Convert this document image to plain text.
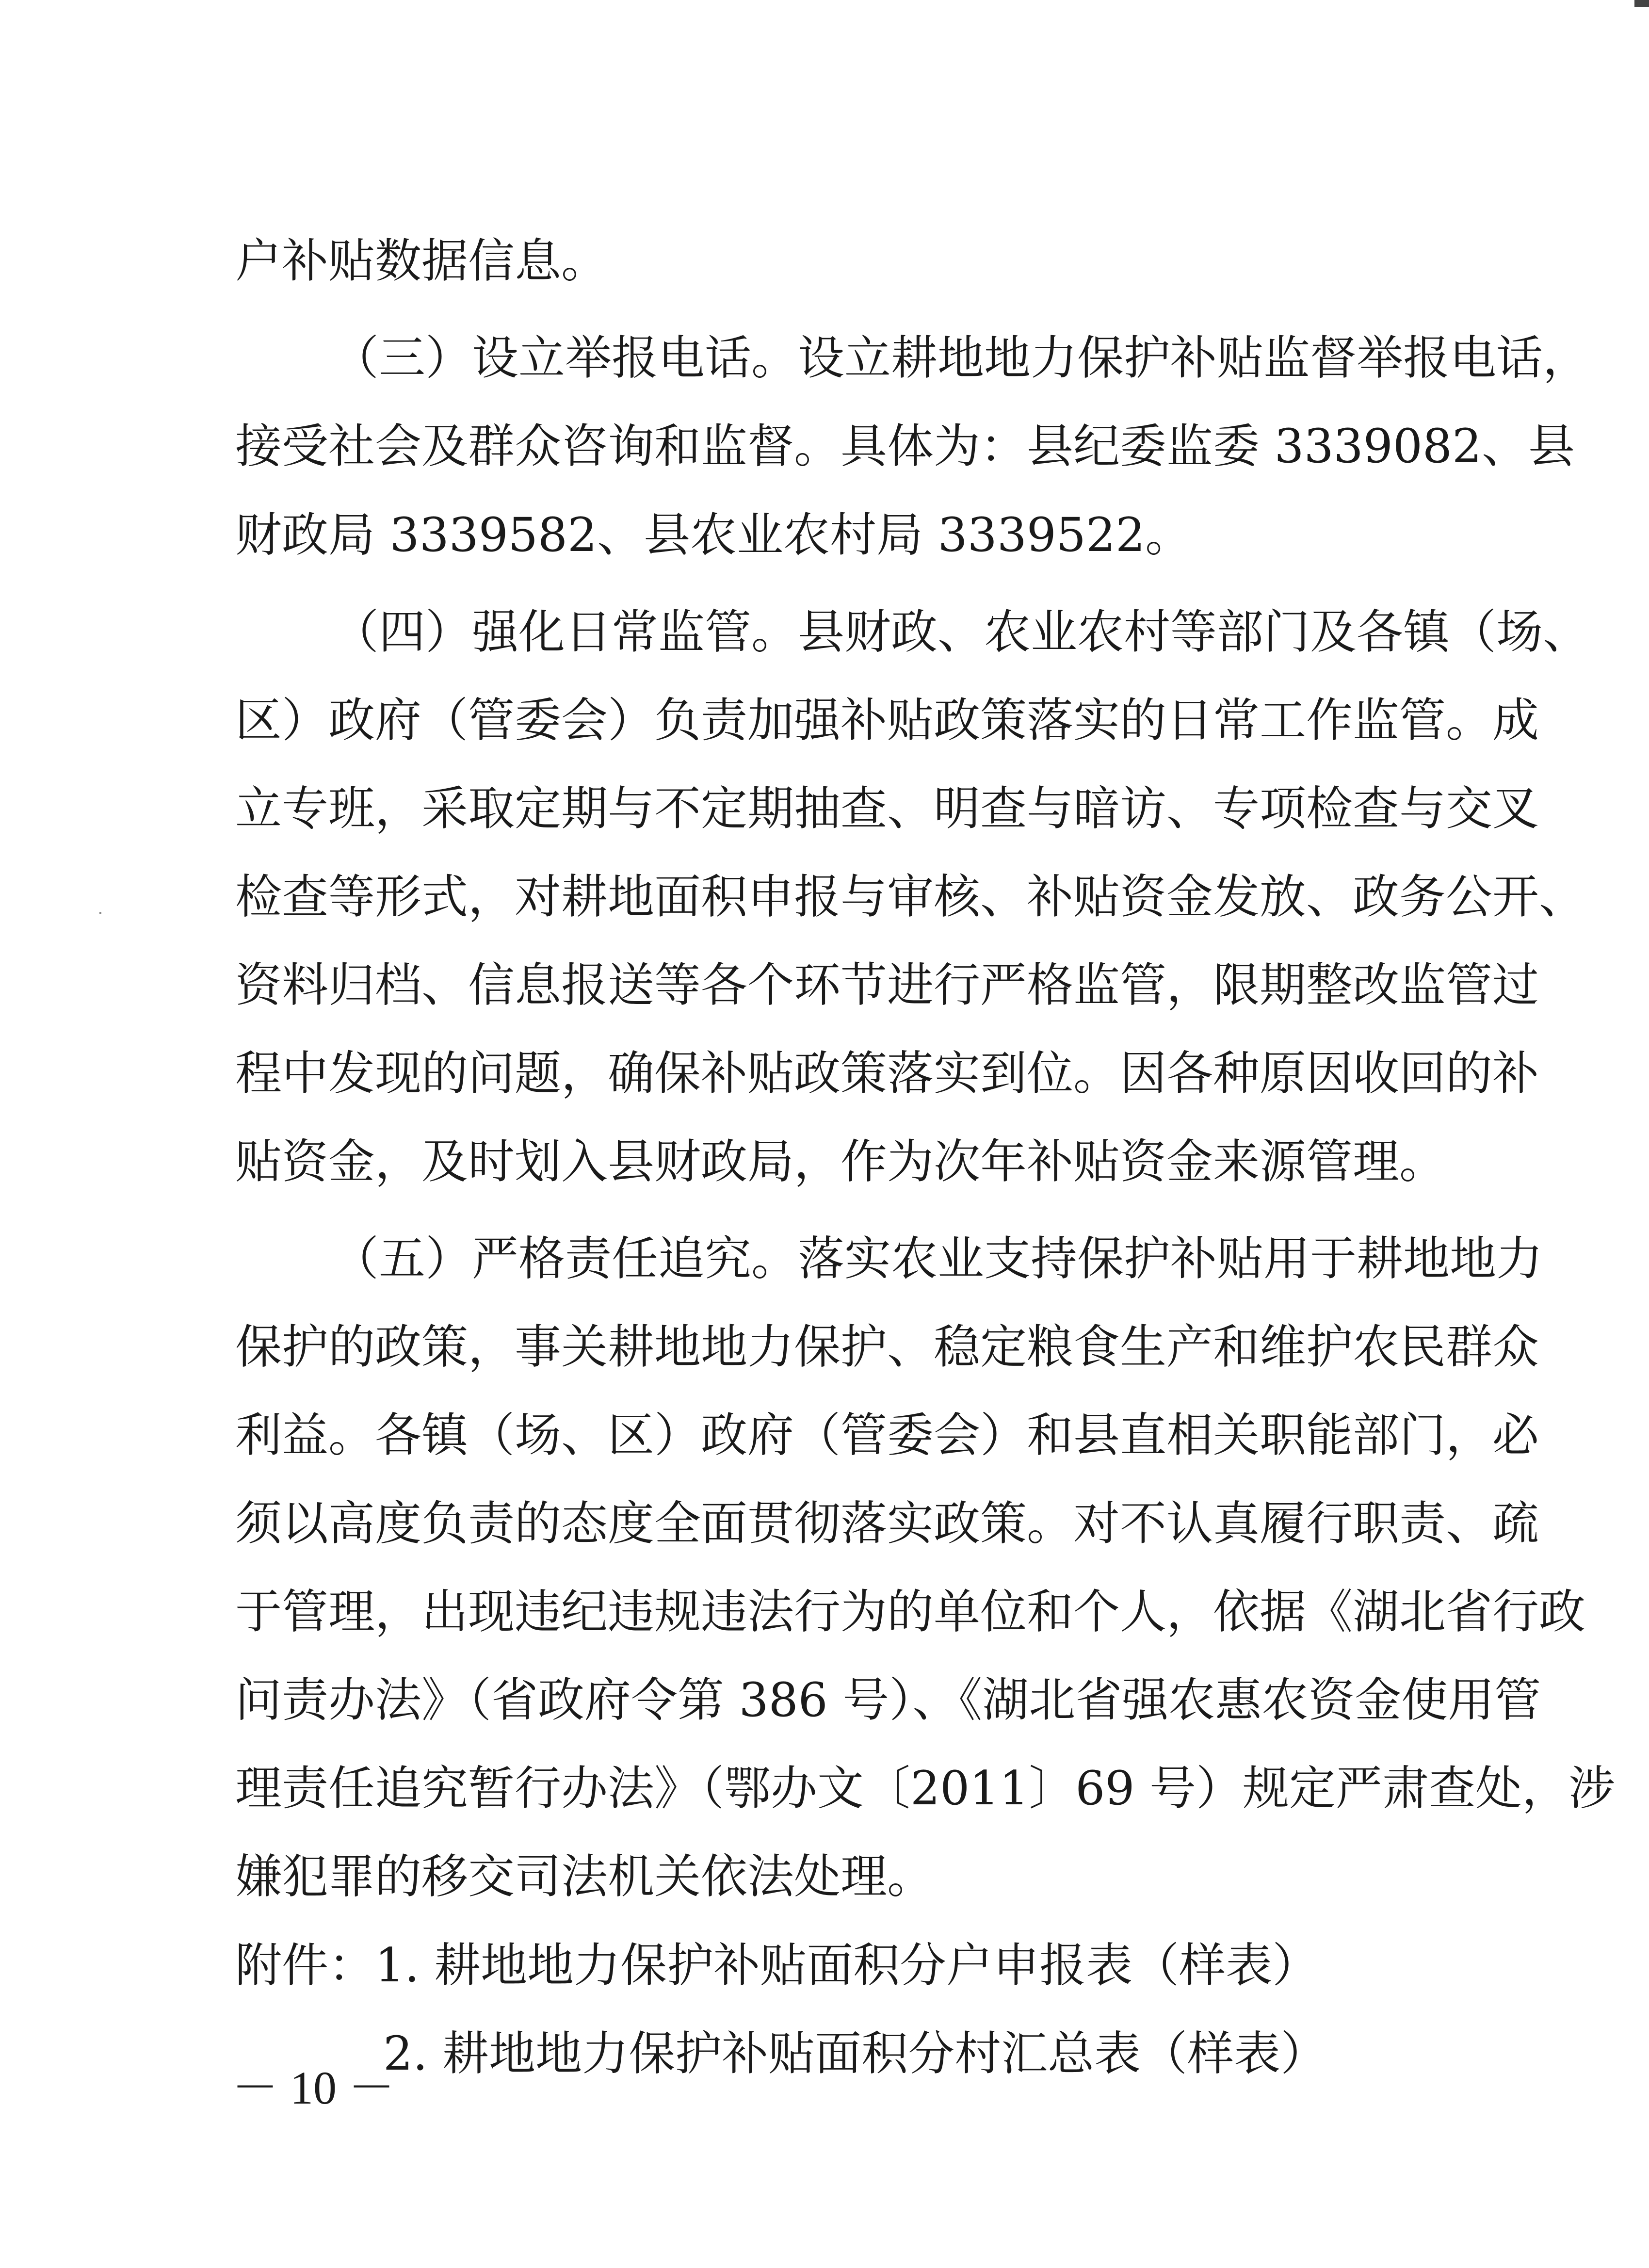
户补贴数据信息。
（三）设立举报电话。设立耕地地力保护补贴监督举报电话，
接受社会及群众咨询和监督。具体为：县纪委监委 3339082、县
财政局 3339582、县农业农村局 3339522。
（四）强化日常监管。县财政、农业农村等部门及各镇（场、
区）政府（管委会）负责加强补贴政策落实的日常工作监管。成
立专班，采取定期与不定期抽查、明查与暗访、专项检查与交叉
检查等形式，对耕地面积申报与审核、补贴资金发放、政务公开、
资料归档、信息报送等各个环节进行严格监管，限期整改监管过
程中发现的问题，确保补贴政策落实到位。因各种原因收回的补
贴资金，及时划入县财政局，作为次年补贴资金来源管理。
（五）严格责任追究。落实农业支持保护补贴用于耕地地力
保护的政策，事关耕地地力保护、稳定粮食生产和维护农民群众
利益。各镇（场、区）政府（管委会）和县直相关职能部门，必
须以高度负责的态度全面贯彻落实政策。对不认真履行职责、疏
于管理，出现违纪违规违法行为的单位和个人，依据《湖北省行政
问责办法》（省政府令第 386 号）、《湖北省强农惠农资金使用管
理责任追究暂行办法》（鄂办文〔2011〕69 号）规定严肃查处，涉
嫌犯罪的移交司法机关依法处理。
附件：1. 耕地地力保护补贴面积分户申报表（样表）
2. 耕地地力保护补贴面积分村汇总表（样表）
－ 10 －
